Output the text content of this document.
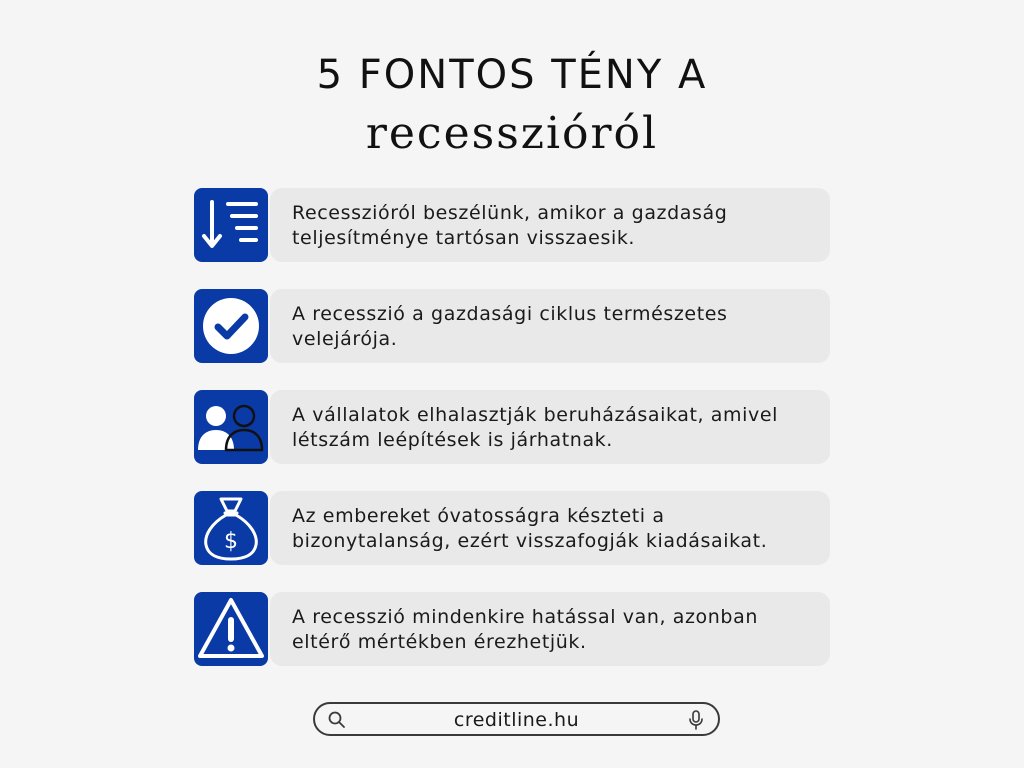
5 FONTOS TÉNY A
recesszióról

Recesszióról beszélünk, amikor a gazdaság
teljesítménye tartósan visszaesik.

A recesszió a gazdasági ciklus természetes
velejárója.

A vállalatok elhalasztják beruházásaikat, amivel
létszám leépítések is járhatnak.

$

Az embereket óvatosságra készteti a
bizonytalanság, ezért visszafogják kiadásaikat.

A recesszió mindenkire hatással van, azonban
eltérő mértékben érezhetjük.

creditline.hu
